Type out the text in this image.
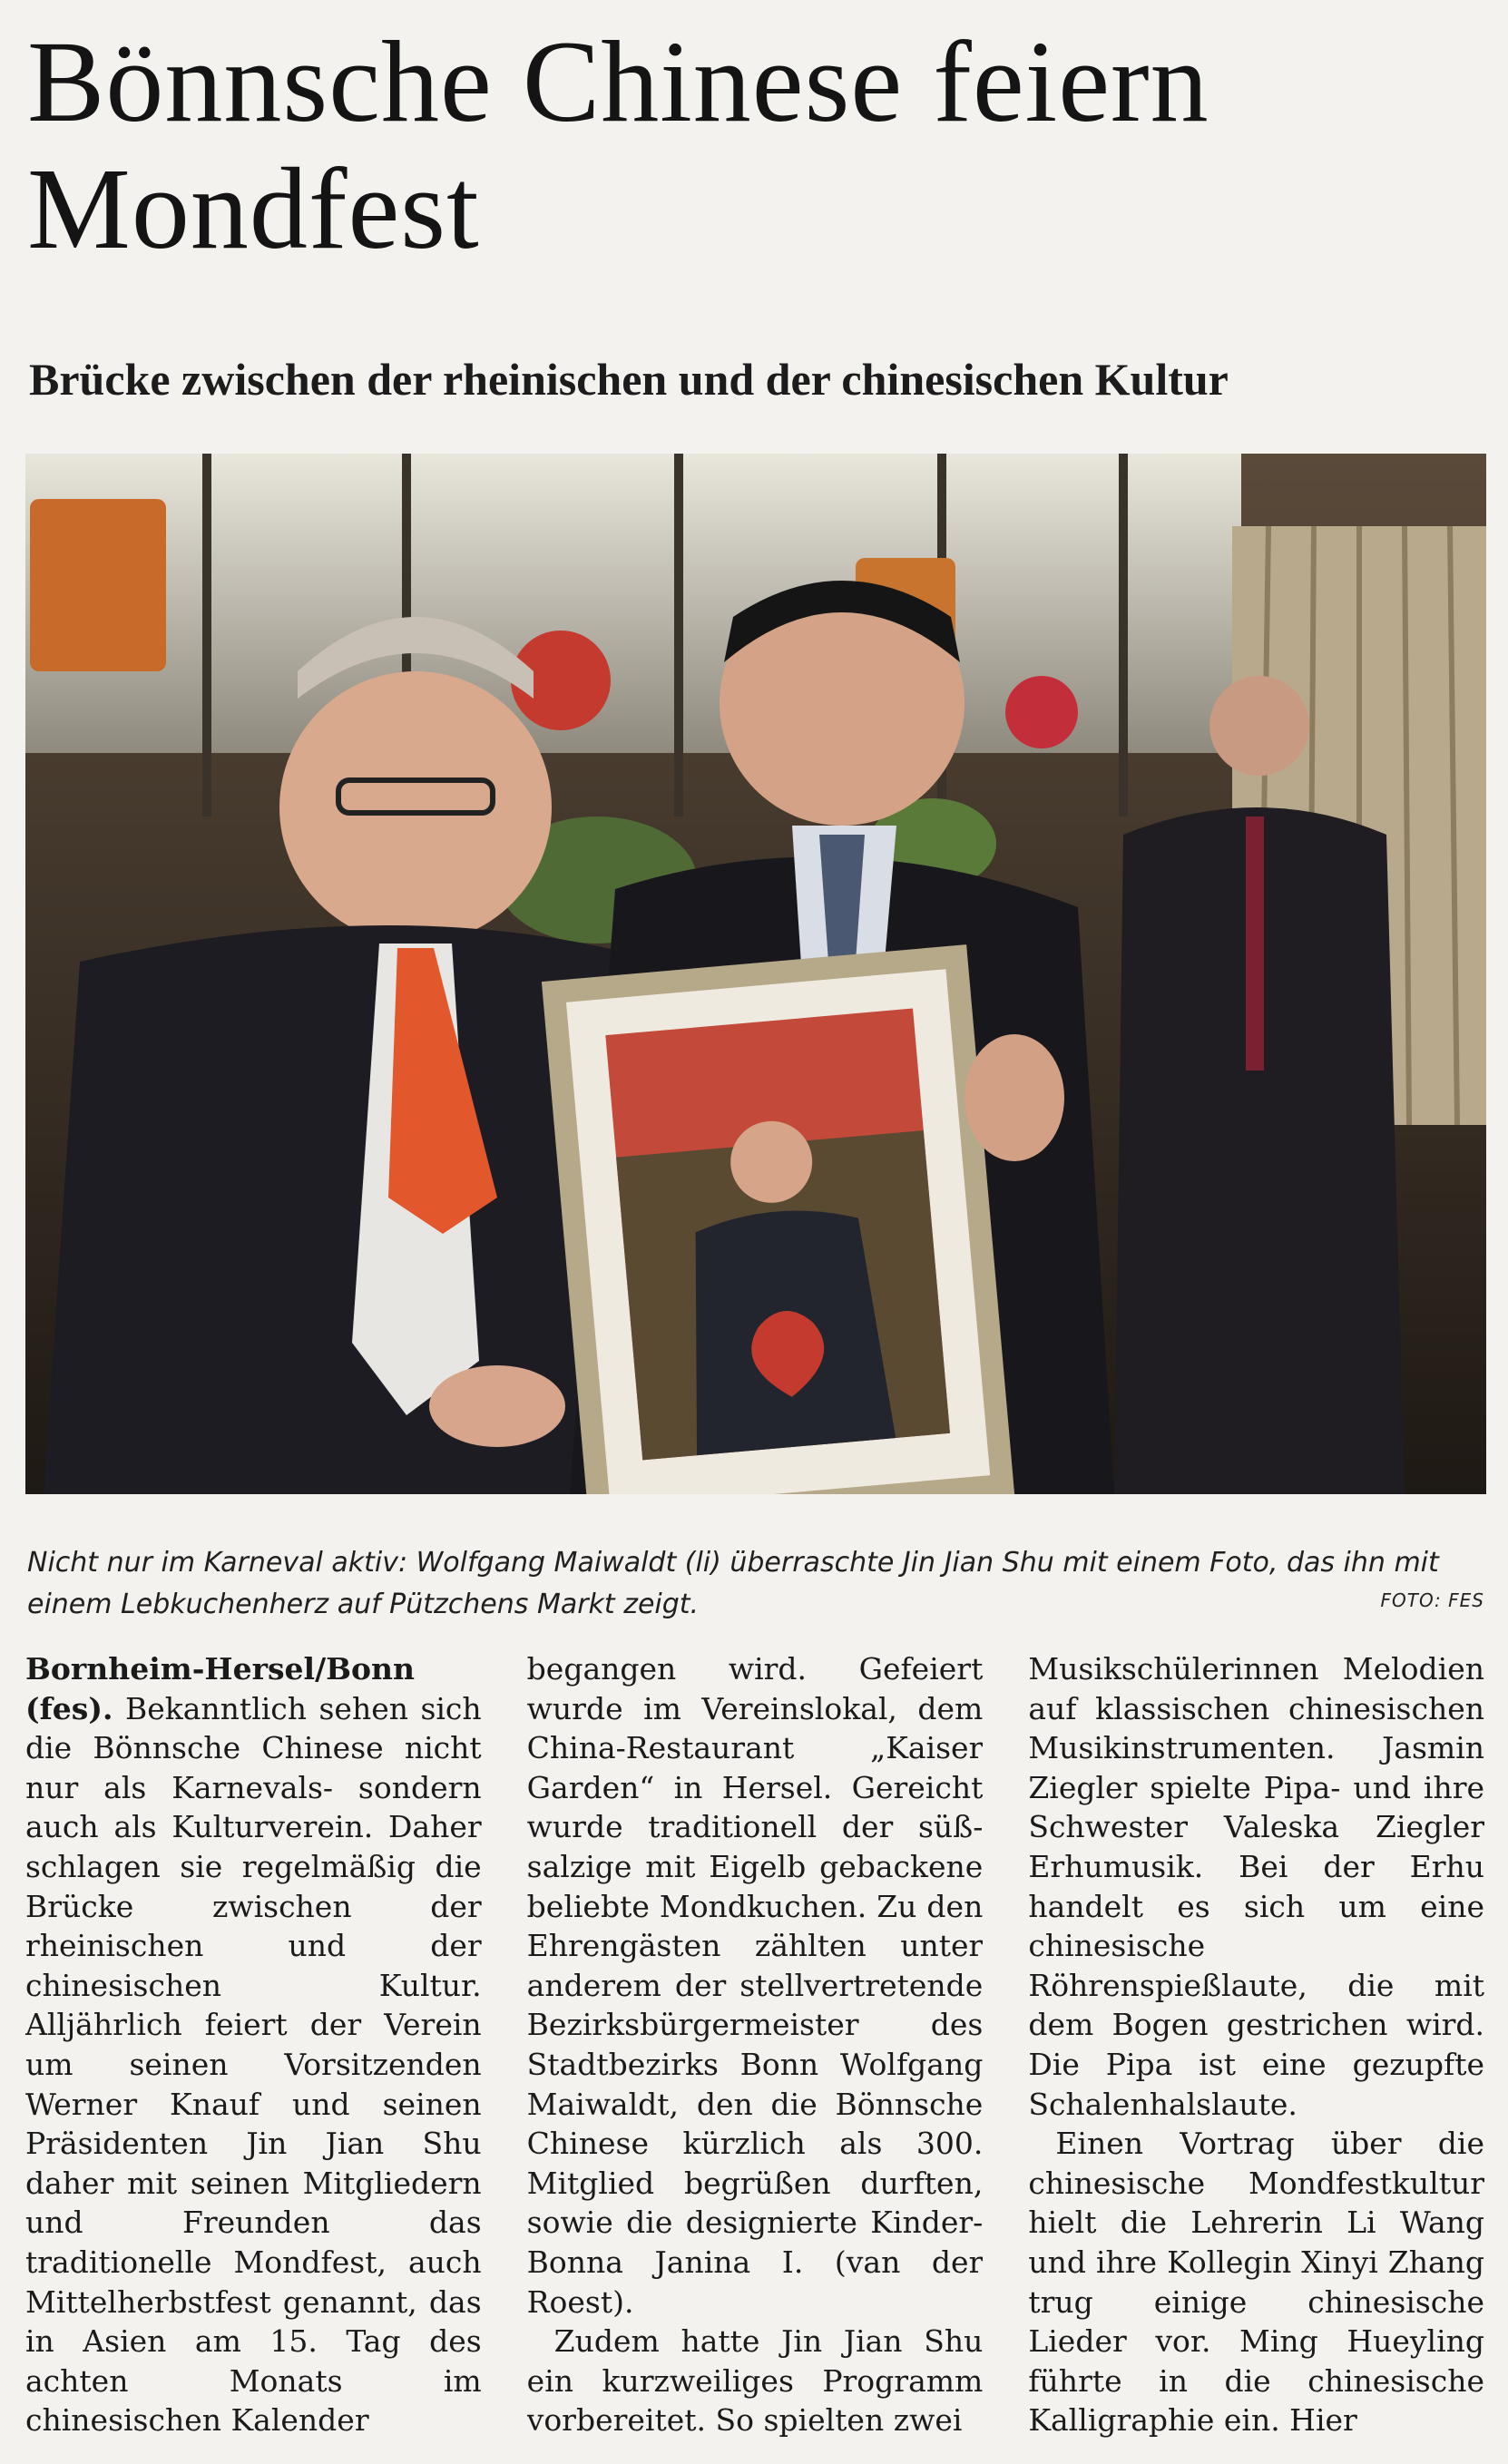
Bönnsche Chinese feiern Mondfest
Brücke zwischen der rheinischen und der chinesischen Kultur
Nicht nur im Karneval aktiv: Wolfgang Maiwaldt (li) überraschte Jin Jian Shu mit einem Foto, das ihn mit einem Lebkuchenherz auf Pützchens Markt zeigt.	FOTO: FES

Bornheim-Hersel/Bonn (fes). Bekanntlich sehen sich die Bönnsche Chinese nicht nur als Karnevals- sondern auch als Kulturverein. Daher schlagen sie regelmäßig die Brücke zwischen der rheinischen und der chinesischen Kultur. Alljährlich feiert der Verein um seinen Vorsitzenden Werner Knauf und seinen Präsidenten Jin Jian Shu daher mit seinen Mitgliedern und Freunden das traditionelle Mondfest, auch Mittelherbstfest genannt, das in Asien am 15. Tag des achten Monats im chinesischen Kalender

begangen wird. Gefeiert wurde im Vereinslokal, dem China-Restaurant „Kaiser Garden“ in Hersel. Gereicht wurde traditionell der süß-salzige mit Eigelb gebackene beliebte Mondkuchen. Zu den Ehrengästen zählten unter anderem der stellvertretende Bezirksbürgermeister des Stadtbezirks Bonn Wolfgang Maiwaldt, den die Bönnsche Chinese kürzlich als 300. Mitglied begrüßen durften, sowie die designierte Kinder-Bonna Janina I. (van der Roest).

Zudem hatte Jin Jian Shu ein kurzweiliges Programm vorbereitet. So spielten zwei

Musikschülerinnen Melodien auf klassischen chinesischen Musikinstrumenten. Jasmin Ziegler spielte Pipa- und ihre Schwester Valeska Ziegler Erhumusik. Bei der Erhu handelt es sich um eine chinesische Röhrenspießlaute, die mit dem Bogen gestrichen wird. Die Pipa ist eine gezupfte Schalenhalslaute.

Einen Vortrag über die chinesische Mondfestkultur hielt die Lehrerin Li Wang und ihre Kollegin Xinyi Zhang trug einige chinesische Lieder vor. Ming Hueyling führte in die chinesische Kalligraphie ein. Hier
